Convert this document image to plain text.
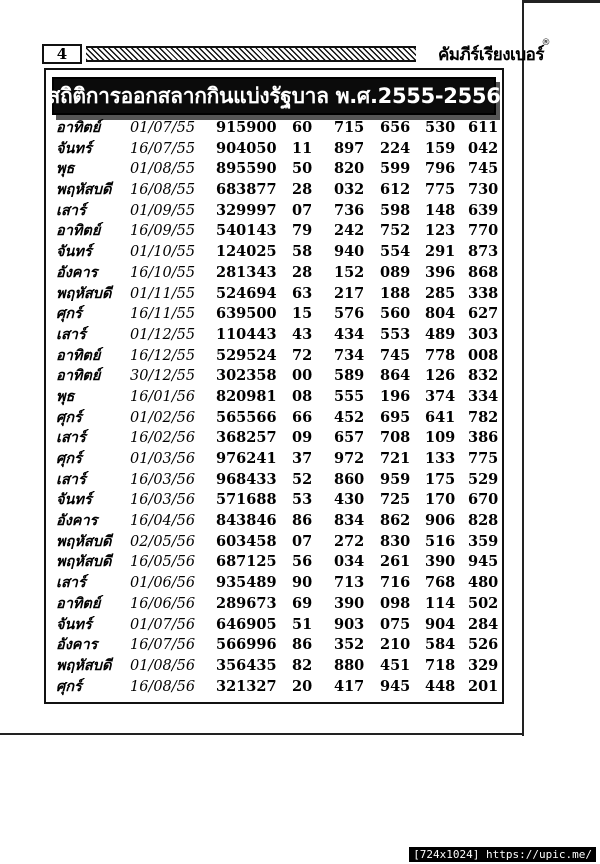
4	คัมภีร์เรียงเบอร์
®
สถิติการออกสลากกินแบ่งรัฐบาล พ.ศ.2555-2556
อาทิตย์ 01/07/55 915900 60 715 656 530 611
จันทร์	16/07/55 904050 11 897 224 159 042
พุธ	01/08/55 895590 50 820 599 796 745
พฤหัสบดี 16/08/55 683877 28 032 612 775 730
เสาร์	01/09/55 329997 07 736 598 148 639
อาทิตย์ 16/09/55 540143 79 242 752 123 770
จันทร์	01/10/55 124025 58 940 554 291 873
อังคาร 16/10/55 281343 28 152 089 396 868
พฤหัสบดี 01/11/55 524694 63 217 188 285 338
ศุกร์	16/11/55 639500 15 576 560 804 627
เสาร์	01/12/55 110443 43 434 553 489 303
อาทิตย์ 16/12/55 529524 72 734 745 778 008
อาทิตย์ 30/12/55 302358 00 589 864 126 832
พุธ	16/01/56 820981 08 555 196 374 334
ศุกร์	01/02/56 565566 66 452 695 641 782
เสาร์	16/02/56 368257 09 657 708 109 386
ศุกร์	01/03/56 976241 37 972 721 133 775
เสาร์	16/03/56 968433 52 860 959 175 529
จันทร์	16/03/56 571688 53 430 725 170 670
อังคาร 16/04/56 843846 86 834 862 906 828
พฤหัสบดี 02/05/56 603458 07 272 830 516 359
พฤหัสบดี 16/05/56 687125 56 034 261 390 945
เสาร์	01/06/56 935489 90 713 716 768 480
อาทิตย์ 16/06/56 289673 69 390 098 114 502
จันทร์	01/07/56 646905 51 903 075 904 284
อังคาร 16/07/56 566996 86 352 210 584 526
พฤหัสบดี 01/08/56 356435 82 880 451 718 329
ศุกร์	16/08/56 321327 20 417 945 448 201
[724x1024] https://upic.me/
